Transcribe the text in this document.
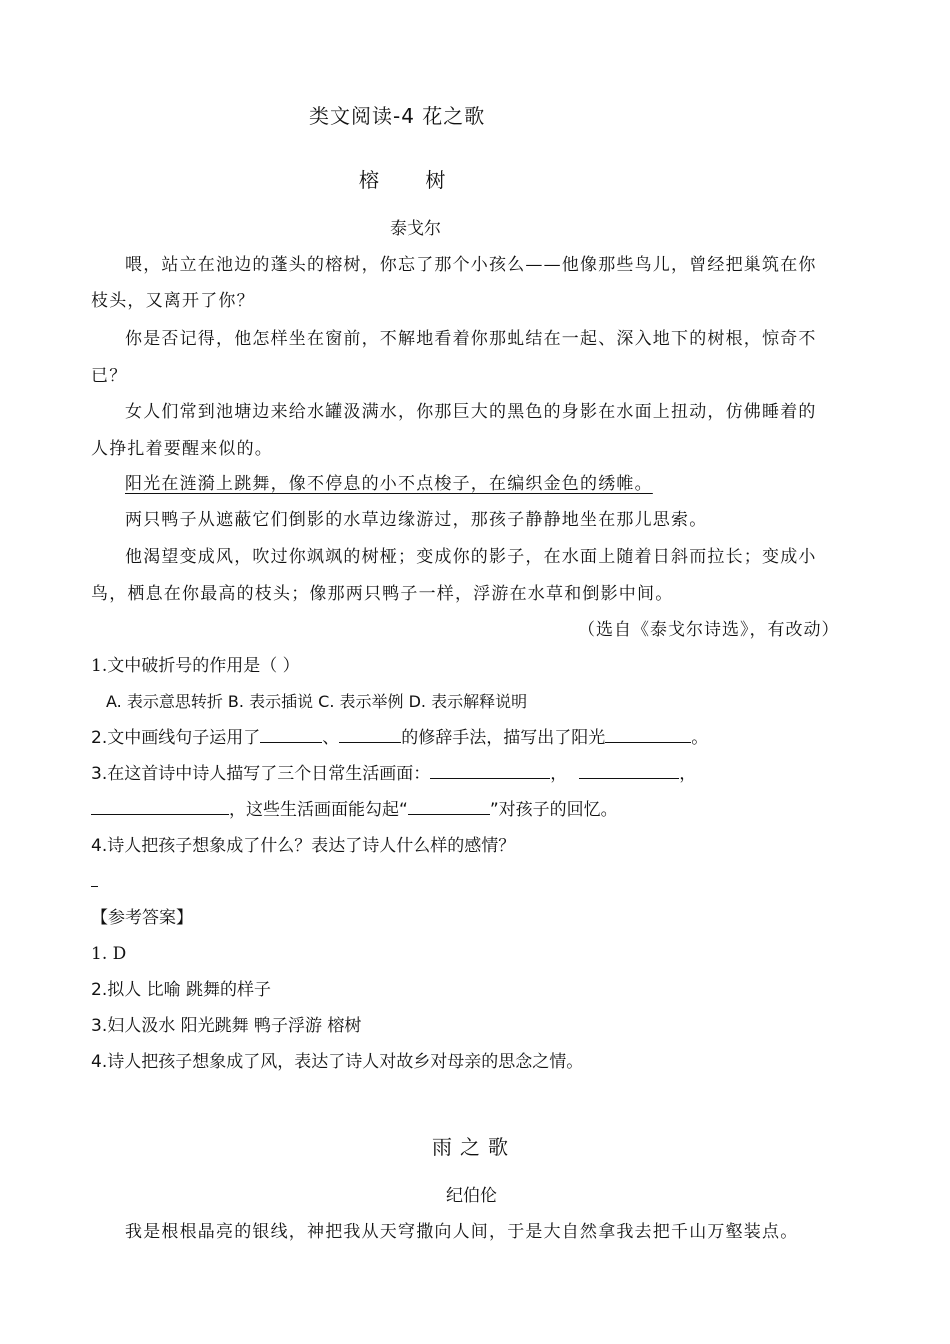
类文阅读-4 花之歌
榕 树
泰戈尔
喂，站立在池边的蓬头的榕树，你忘了那个小孩么——他像那些鸟儿，曾经把巢筑在你
枝头，又离开了你？
你是否记得，他怎样坐在窗前，不解地看着你那虬结在一起、深入地下的树根，惊奇不
已？
女人们常到池塘边来给水罐汲满水，你那巨大的黑色的身影在水面上扭动，仿佛睡着的
人挣扎着要醒来似的。
阳光在涟漪上跳舞，像不停息的小不点梭子，在编织金色的绣帷。
两只鸭子从遮蔽它们倒影的水草边缘游过，那孩子静静地坐在那儿思索。
他渴望变成风，吹过你飒飒的树桠；变成你的影子，在水面上随着日斜而拉长；变成小
鸟，栖息在你最高的枝头；像那两只鸭子一样，浮游在水草和倒影中间。
（选自《泰戈尔诗选》，有改动）
1.文中破折号的作用是（ ）
A. 表示意思转折 B. 表示插说 C. 表示举例 D. 表示解释说明
2.文中画线句子运用了	、	的修辞手法，描写出了阳光	。
3.在这首诗中诗人描写了三个日常生活画面：	，	，
，这些生活画面能勾起“	”对孩子的回忆。
4.诗人把孩子想象成了什么？表达了诗人什么样的感情？
【参考答案】
1. D
2.拟人 比喻 跳舞的样子
3.妇人汲水 阳光跳舞 鸭子浮游 榕树
4.诗人把孩子想象成了风，表达了诗人对故乡对母亲的思念之情。
雨之歌
纪伯伦
我是根根晶亮的银线，神把我从天穹撒向人间，于是大自然拿我去把千山万壑装点。
